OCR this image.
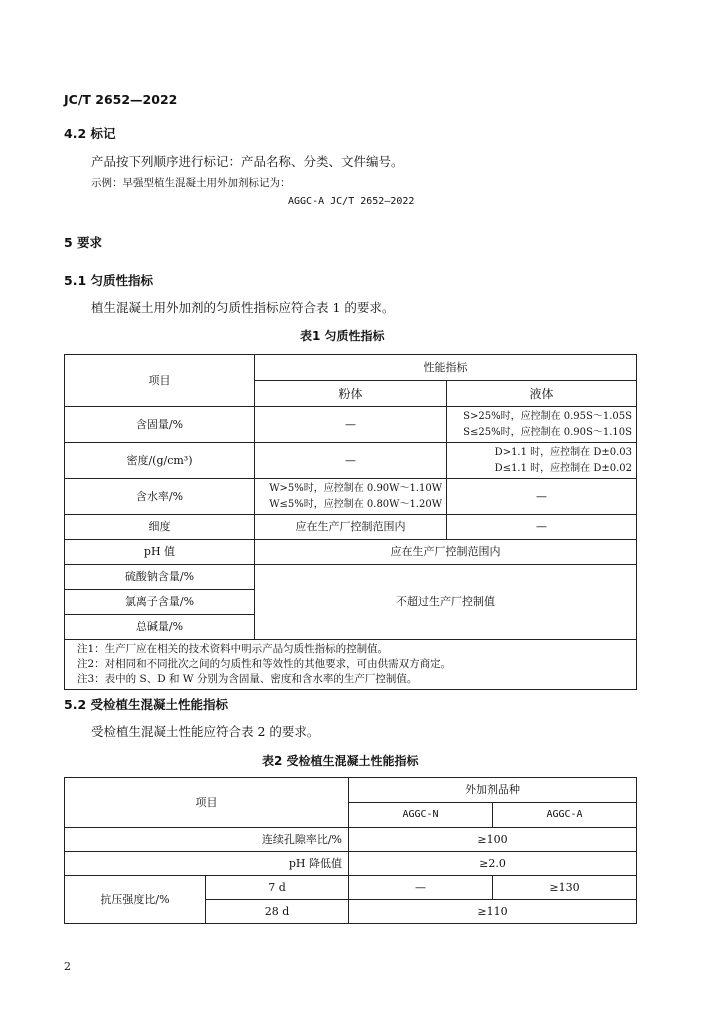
JC/T 2652—2022
4.2 标记
产品按下列顺序进行标记：产品名称、分类、文件编号。
示例：早强型植生混凝土用外加剂标记为：
AGGC-A JC/T 2652—2022
5 要求
5.1 匀质性指标
植生混凝土用外加剂的匀质性指标应符合表 1 的要求。
表1 匀质性指标
项目	性能指标	
	粉体	液体
含固量/%	—	S>25%时，应控制在 0.95S～1.05S
S≤25%时，应控制在 0.90S～1.10S

密度/(g/cm³)	—	D>1.1 时，应控制在 D±0.03
D≤1.1 时，应控制在 D±0.02

含水率/%	W>5%时，应控制在 0.90W～1.10W
W≤5%时，应控制在 0.80W～1.20W	—
细度	应在生产厂控制范围内	—
pH 值	应在生产厂控制范围内	
硫酸钠含量/%	不超过生产厂控制值	
氯离子含量/%		
总碱量/%		

注1：生产厂应在相关的技术资料中明示产品匀质性指标的控制值。
注2：对相同和不同批次之间的匀质性和等效性的其他要求，可由供需双方商定。
注3：表中的 S、D 和 W 分别为含固量、密度和含水率的生产厂控制值。		
5.2 受检植生混凝土性能指标
受检植生混凝土性能应符合表 2 的要求。
表2 受检植生混凝土性能指标
项目		外加剂品种	
		AGGC-N	AGGC-A
连续孔隙率比/%		≥100	
pH 降低值		≥2.0	
抗压强度比/%	7 d	—	≥130
	28 d	≥110	
2
